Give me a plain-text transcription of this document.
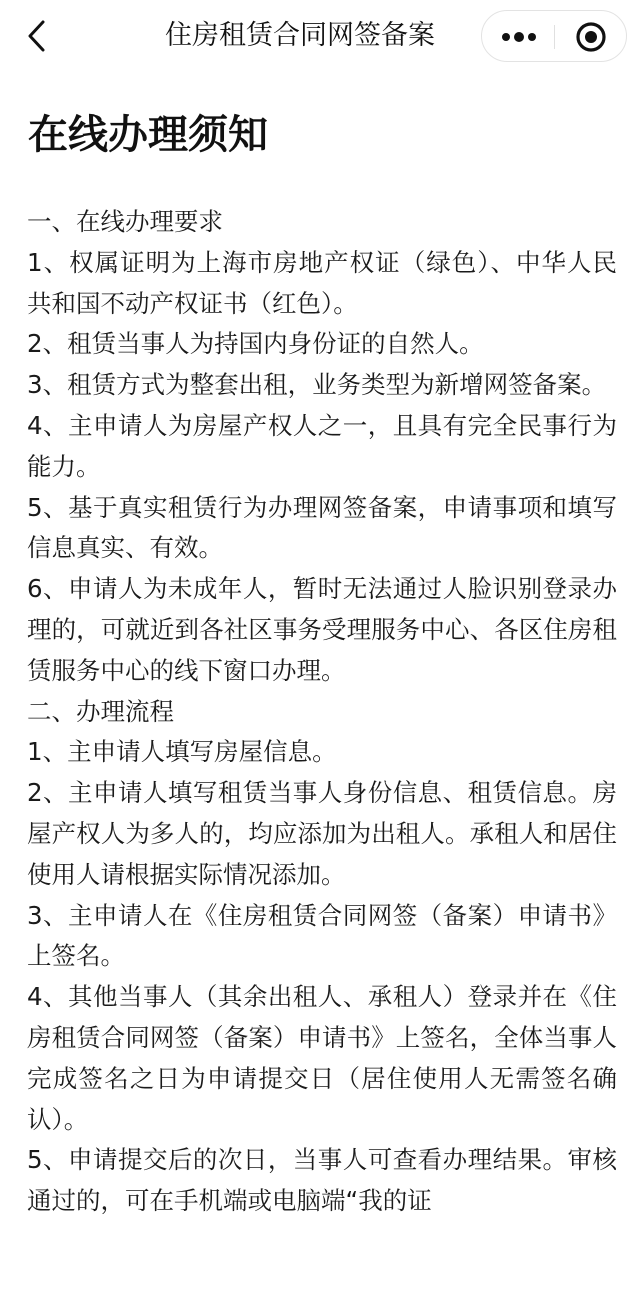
住房租赁合同网签备案
在线办理须知

一、在线办理要求

1、权属证明为上海市房地产权证（绿色）、中华人民共和国不动产权证书（红色）。

2、租赁当事人为持国内身份证的自然人。

3、租赁方式为整套出租，业务类型为新增网签备案。

4、主申请人为房屋产权人之一，且具有完全民事行为能力。

5、基于真实租赁行为办理网签备案，申请事项和填写信息真实、有效。

6、申请人为未成年人，暂时无法通过人脸识别登录办理的，可就近到各社区事务受理服务中心、各区住房租赁服务中心的线下窗口办理。

二、办理流程

1、主申请人填写房屋信息。

2、主申请人填写租赁当事人身份信息、租赁信息。房屋产权人为多人的，均应添加为出租人。承租人和居住使用人请根据实际情况添加。

3、主申请人在《住房租赁合同网签（备案）申请书》上签名。

4、其他当事人（其余出租人、承租人）登录并在《住房租赁合同网签（备案）申请书》上签名，全体当事人完成签名之日为申请提交日（居住使用人无需签名确认）。

5、申请提交后的次日，当事人可查看办理结果。审核通过的，可在手机端或电脑端“我的证
